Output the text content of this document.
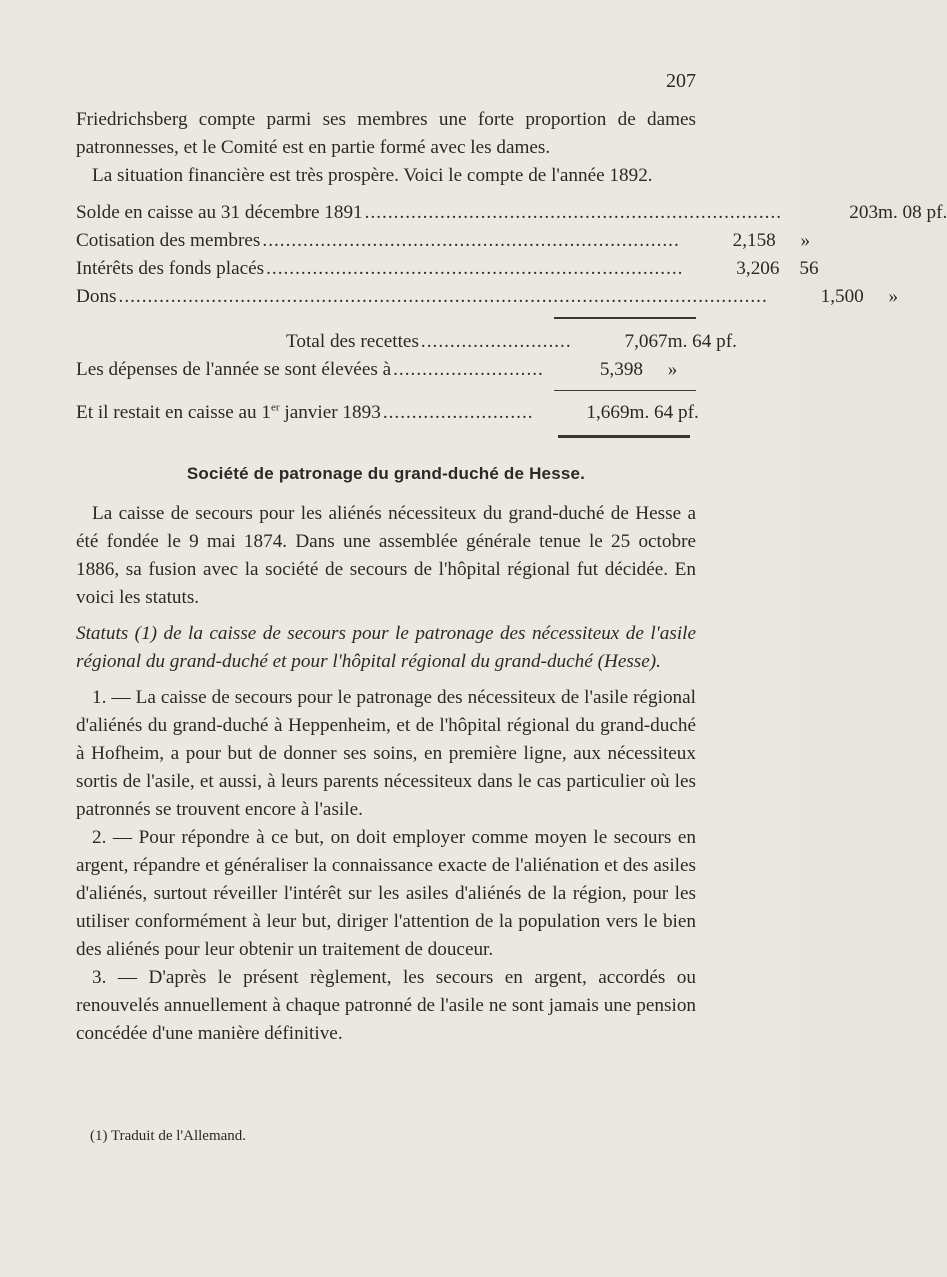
207

Friedrichsberg compte parmi ses membres une forte proportion de dames patronnesses, et le Comité est en partie formé avec les dames.

La situation financière est très prospère. Voici le compte de l'année 1892.

Solde en caisse au 31 décembre 1891 ........................................................................	203 m. 08 pf.
Cotisation des membres ........................................................................	2,158	»
Intérêts des fonds placés ........................................................................	3,206	56
Dons ................................................................................................................	1,500	»
Total des recettes ..........................	7,067 m. 64 pf.
Les dépenses de l'année se sont élevées à ..........................	5,398	»
Et il restait en caisse au 1er janvier 1893 ..........................	1,669 m. 64 pf.
Société de patronage du grand-duché de Hesse.

La caisse de secours pour les aliénés nécessiteux du grand-duché de Hesse a été fondée le 9 mai 1874. Dans une assemblée générale tenue le 25 octobre 1886, sa fusion avec la société de secours de l'hôpital régional fut décidée. En voici les statuts.

Statuts (1) de la caisse de secours pour le patronage des nécessiteux de l'asile régional du grand-duché et pour l'hôpital régional du grand-duché (Hesse).

1. — La caisse de secours pour le patronage des nécessiteux de l'asile régional d'aliénés du grand-duché à Heppenheim, et de l'hôpital régional du grand-duché à Hofheim, a pour but de donner ses soins, en première ligne, aux nécessiteux sortis de l'asile, et aussi, à leurs parents nécessiteux dans le cas particulier où les patronnés se trouvent encore à l'asile.

2. — Pour répondre à ce but, on doit employer comme moyen le secours en argent, répandre et généraliser la connaissance exacte de l'aliénation et des asiles d'aliénés, surtout réveiller l'intérêt sur les asiles d'aliénés de la région, pour les utiliser conformément à leur but, diriger l'attention de la population vers le bien des aliénés pour leur obtenir un traitement de douceur.

3. — D'après le présent règlement, les secours en argent, accordés ou renouvelés annuellement à chaque patronné de l'asile ne sont jamais une pension concédée d'une manière définitive.

(1) Traduit de l'Allemand.
